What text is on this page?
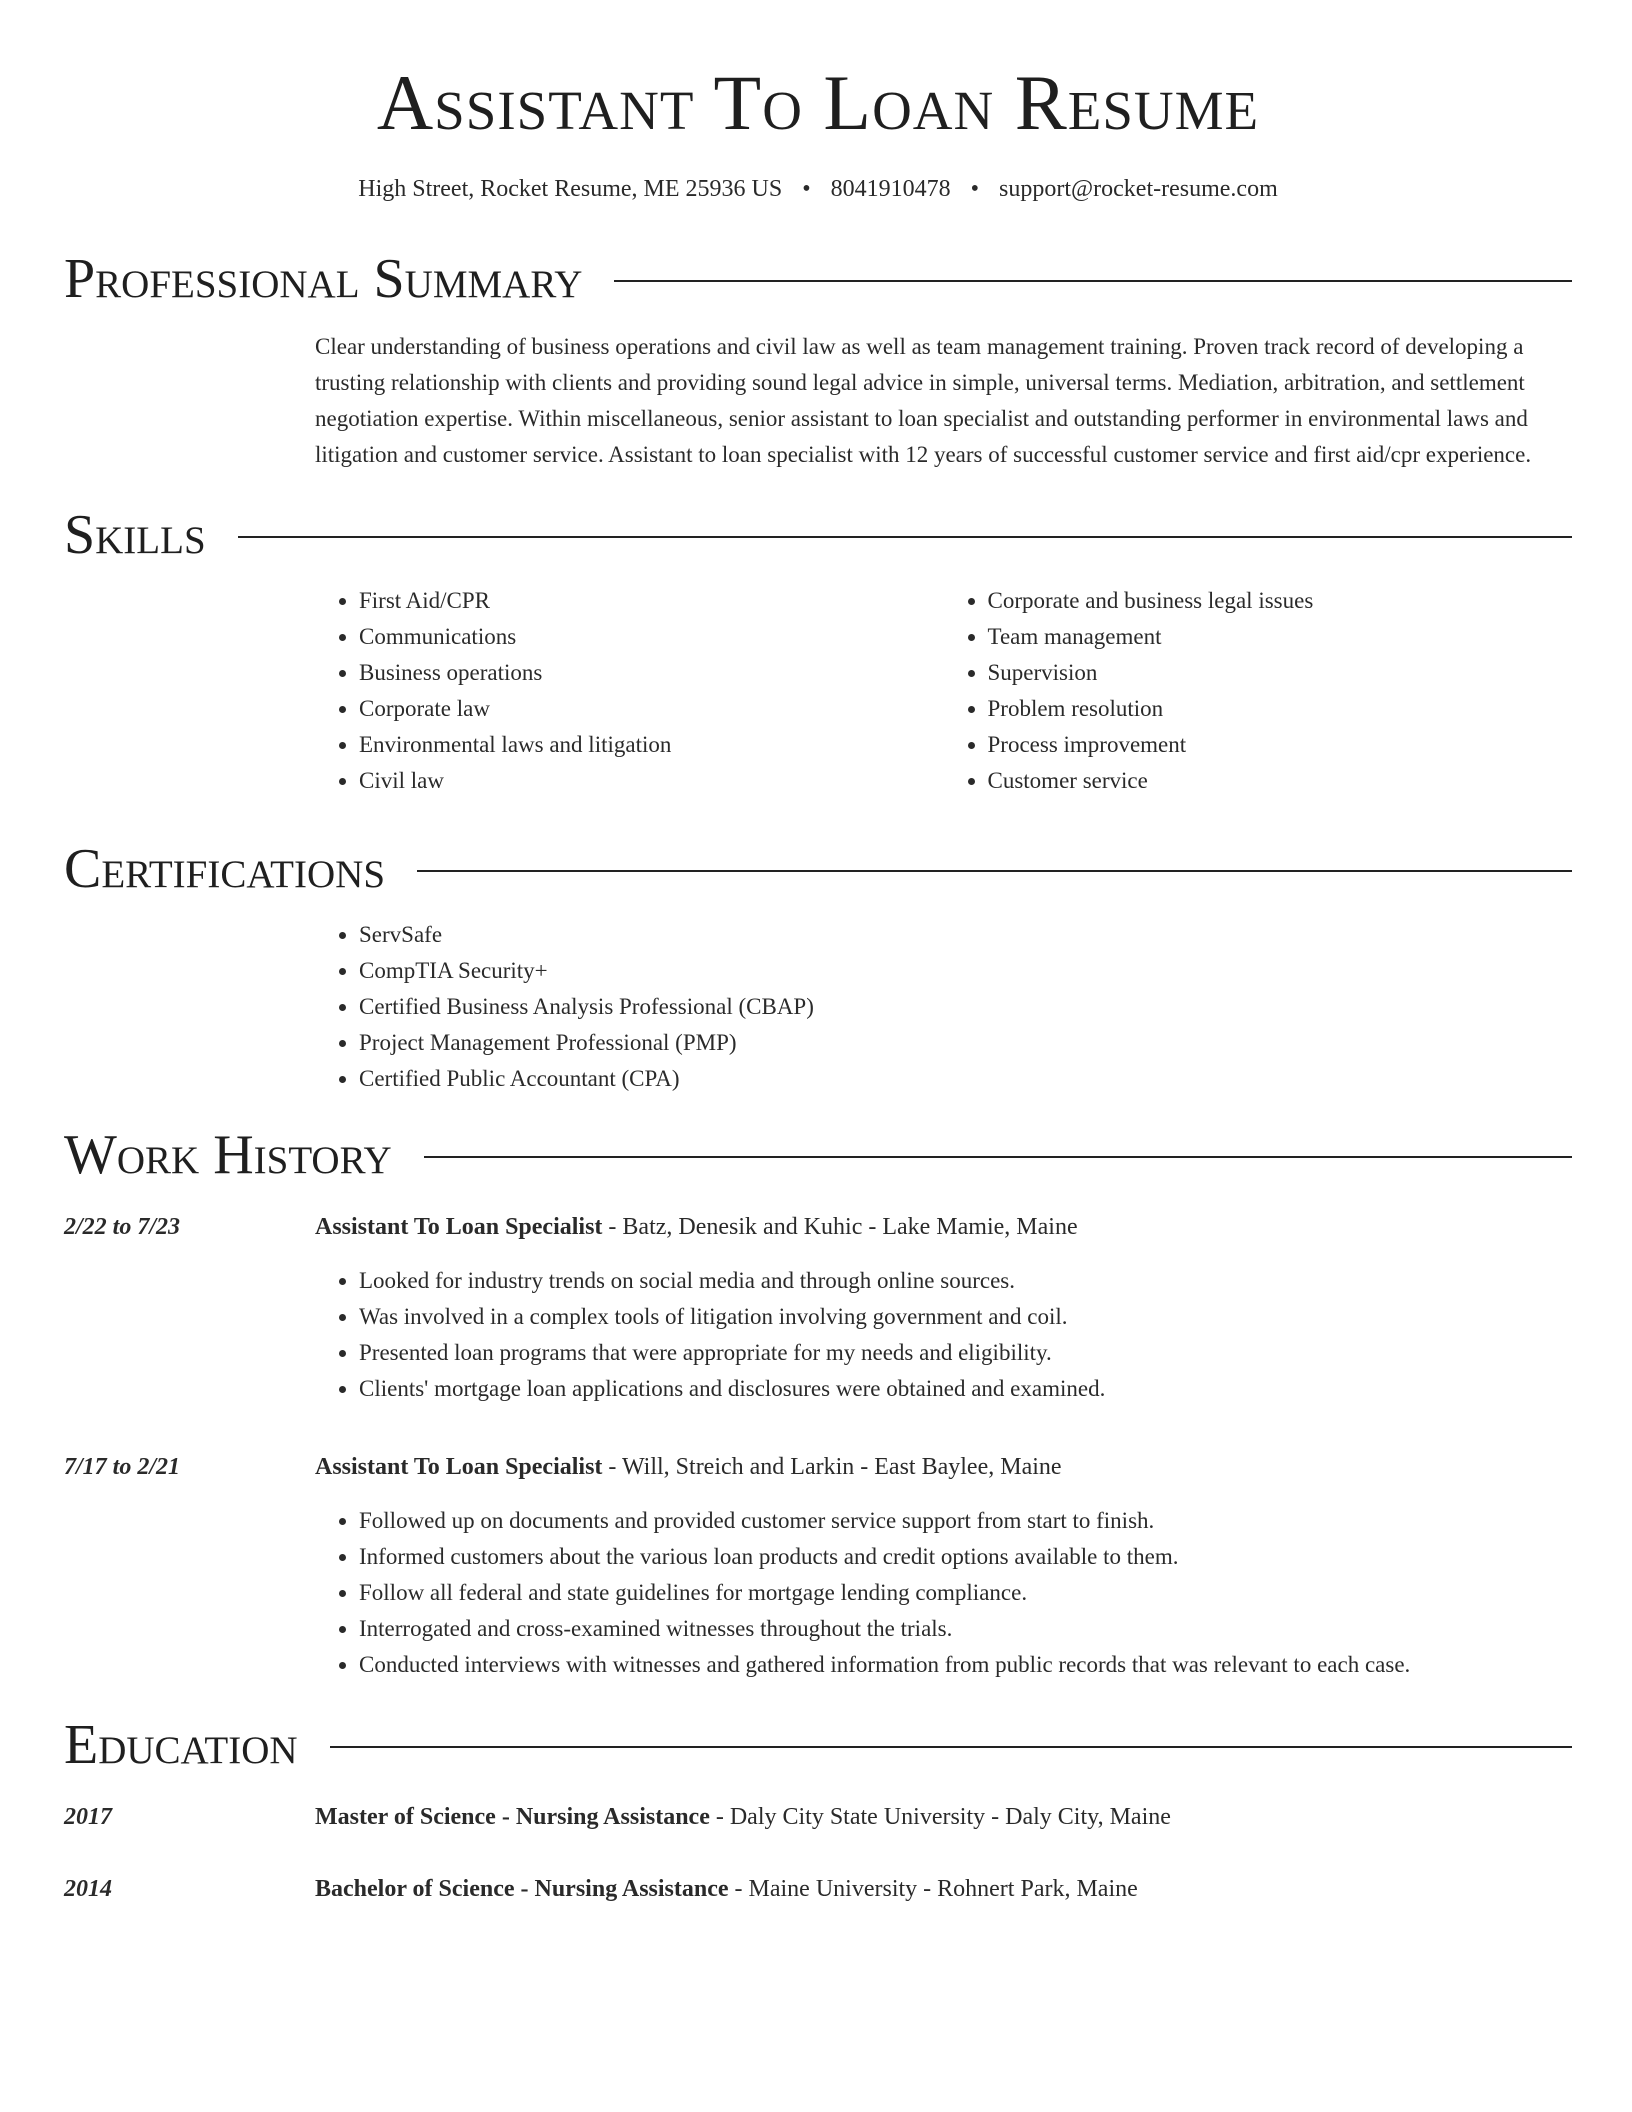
Assistant To Loan Resume
High Street, Rocket Resume, ME 25936 US • 8041910478 • support@rocket-resume.com
Professional Summary
Clear understanding of business operations and civil law as well as team management training. Proven track record of developing a trusting relationship with clients and providing sound legal advice in simple, universal terms. Mediation, arbitration, and settlement negotiation expertise. Within miscellaneous, senior assistant to loan specialist and outstanding performer in environmental laws and litigation and customer service. Assistant to loan specialist with 12 years of successful customer service and first aid/cpr experience.
Skills
• First Aid/CPR
• Communications
• Business operations
• Corporate law
• Environmental laws and litigation
• Civil law
• Corporate and business legal issues
• Team management
• Supervision
• Problem resolution
• Process improvement
• Customer service
Certifications
• ServSafe
• CompTIA Security+
• Certified Business Analysis Professional (CBAP)
• Project Management Professional (PMP)
• Certified Public Accountant (CPA)
Work History
2/22 to 7/23	Assistant To Loan Specialist - Batz, Denesik and Kuhic - Lake Mamie, Maine
• Looked for industry trends on social media and through online sources.
• Was involved in a complex tools of litigation involving government and coil.
• Presented loan programs that were appropriate for my needs and eligibility.
• Clients' mortgage loan applications and disclosures were obtained and examined.
7/17 to 2/21	Assistant To Loan Specialist - Will, Streich and Larkin - East Baylee, Maine
• Followed up on documents and provided customer service support from start to finish.
• Informed customers about the various loan products and credit options available to them.
• Follow all federal and state guidelines for mortgage lending compliance.
• Interrogated and cross-examined witnesses throughout the trials.
• Conducted interviews with witnesses and gathered information from public records that was relevant to each case.
Education
2017	Master of Science - Nursing Assistance - Daly City State University - Daly City, Maine
2014	Bachelor of Science - Nursing Assistance - Maine University - Rohnert Park, Maine
